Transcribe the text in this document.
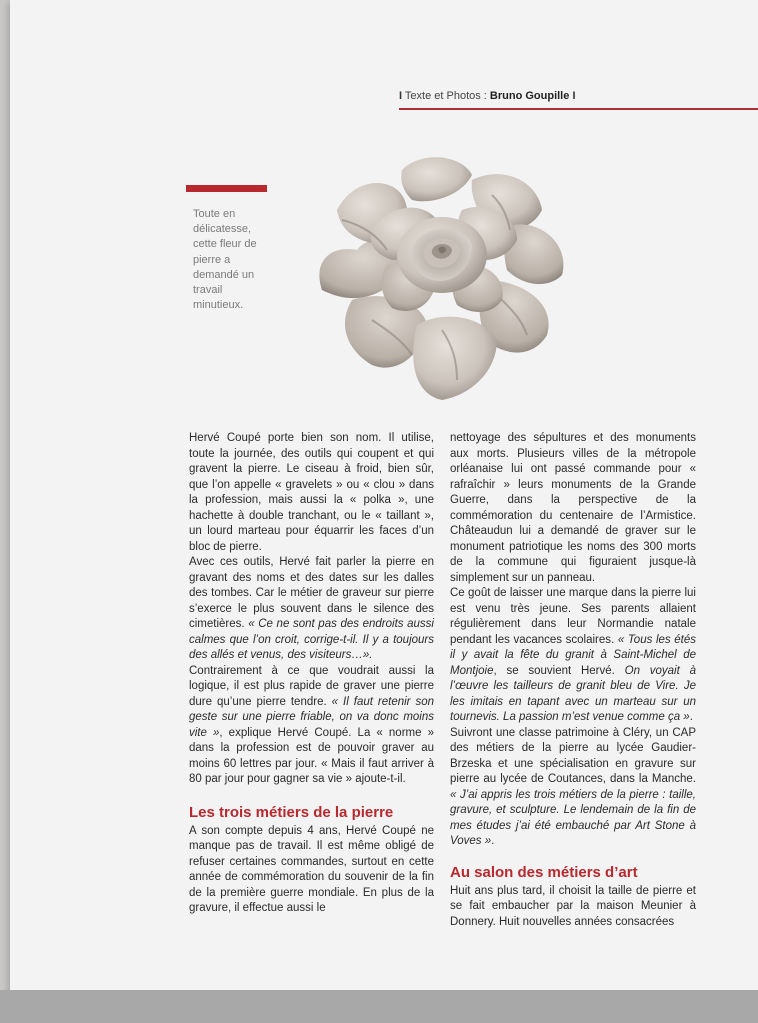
I Texte et Photos : Bruno Goupille I
Toute en délicatesse, cette fleur de pierre a demandé un travail minutieux.

Hervé Coupé porte bien son nom. Il utilise, toute la journée, des outils qui coupent et qui gravent la pierre. Le ciseau à froid, bien sûr, que l’on appelle « gravelets » ou « clou » dans la profession, mais aussi la « polka », une hachette à double tranchant, ou le « taillant », un lourd marteau pour équarrir les faces d’un bloc de pierre.

Avec ces outils, Hervé fait parler la pierre en gravant des noms et des dates sur les dalles des tombes. Car le métier de graveur sur pierre s’exerce le plus souvent dans le silence des cimetières. « Ce ne sont pas des endroits aussi calmes que l’on croit, corrige-t-il. Il y a toujours des allés et venus, des visiteurs…».

Contrairement à ce que voudrait aussi la logique, il est plus rapide de graver une pierre dure qu’une pierre tendre. « Il faut retenir son geste sur une pierre friable, on va donc moins vite », explique Hervé Coupé. La « norme » dans la profession est de pouvoir graver au moins 60 lettres par jour. « Mais il faut arriver à 80 par jour pour gagner sa vie » ajoute-t-il.

Les trois métiers de la pierre

A son compte depuis 4 ans, Hervé Coupé ne manque pas de travail. Il est même obligé de refuser certaines commandes, surtout en cette année de commémoration du souvenir de la fin de la première guerre mondiale. En plus de la gravure, il effectue aussi le

nettoyage des sépultures et des monuments aux morts. Plusieurs villes de la métropole orléanaise lui ont passé commande pour « rafraîchir » leurs monuments de la Grande Guerre, dans la perspective de la commémoration du centenaire de l’Armistice. Châteaudun lui a demandé de graver sur le monument patriotique les noms des 300 morts de la commune qui figuraient jusque-là simplement sur un panneau.

Ce goût de laisser une marque dans la pierre lui est venu très jeune. Ses parents allaient régulièrement dans leur Normandie natale pendant les vacances scolaires. « Tous les étés il y avait la fête du granit à Saint-Michel de Montjoie, se souvient Hervé. On voyait à l’œuvre les tailleurs de granit bleu de Vire. Je les imitais en tapant avec un marteau sur un tournevis. La passion m’est venue comme ça ».

Suivront une classe patrimoine à Cléry, un CAP des métiers de la pierre au lycée Gaudier-Brzeska et une spécialisation en gravure sur pierre au lycée de Coutances, dans la Manche. « J’ai appris les trois métiers de la pierre : taille, gravure, et sculpture. Le lendemain de la fin de mes études j’ai été embauché par Art Stone à Voves ».

Au salon des métiers d’art

Huit ans plus tard, il choisit la taille de pierre et se fait embaucher par la maison Meunier à Donnery. Huit nouvelles années consacrées
